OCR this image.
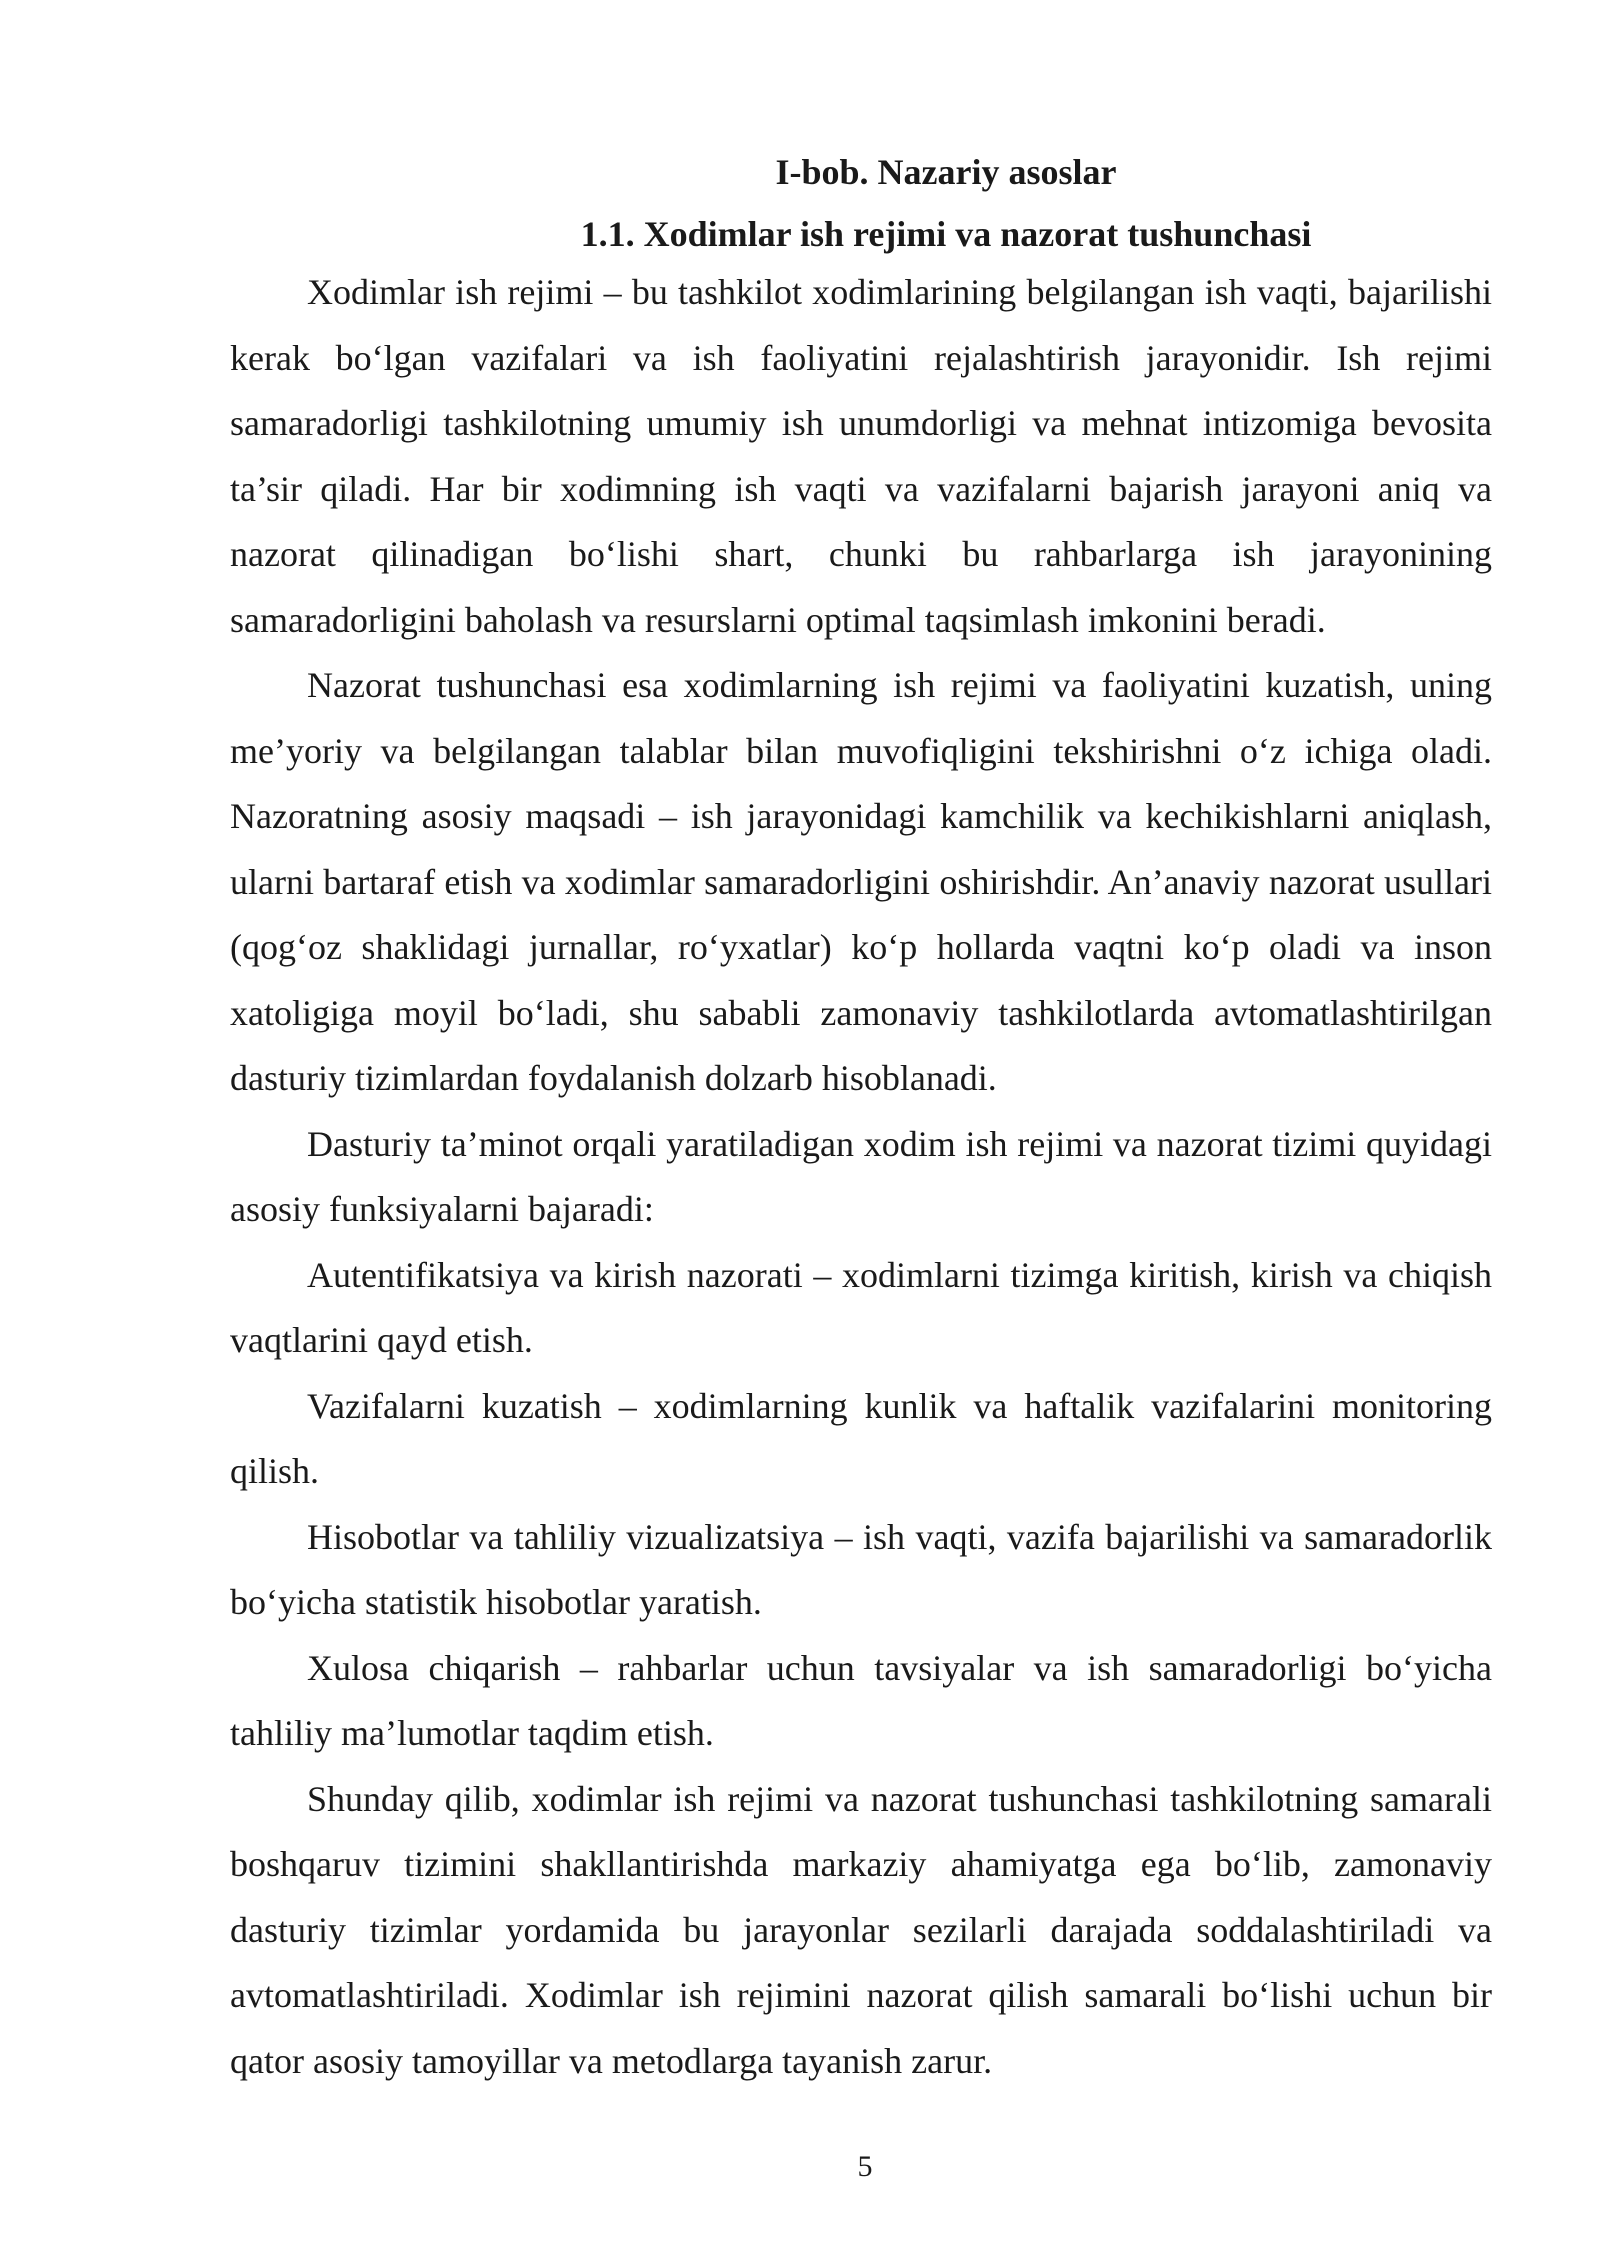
I-bob. Nazariy asoslar
1.1. Xodimlar ish rejimi va nazorat tushunchasi

Xodimlar ish rejimi – bu tashkilot xodimlarining belgilangan ish vaqti, bajarilishi kerak bo‘lgan vazifalari va ish faoliyatini rejalashtirish jarayonidir. Ish rejimi samaradorligi tashkilotning umumiy ish unumdorligi va mehnat intizomiga bevosita ta’sir qiladi. Har bir xodimning ish vaqti va vazifalarni bajarish jarayoni aniq va nazorat qilinadigan bo‘lishi shart, chunki bu rahbarlarga ish jarayonining samaradorligini baholash va resurslarni optimal taqsimlash imkonini beradi.

Nazorat tushunchasi esa xodimlarning ish rejimi va faoliyatini kuzatish, uning me’yoriy va belgilangan talablar bilan muvofiqligini tekshirishni o‘z ichiga oladi. Nazoratning asosiy maqsadi – ish jarayonidagi kamchilik va kechikishlarni aniqlash, ularni bartaraf etish va xodimlar samaradorligini oshirishdir. An’anaviy nazorat usullari (qog‘oz shaklidagi jurnallar, ro‘yxatlar) ko‘p hollarda vaqtni ko‘p oladi va inson xatoligiga moyil bo‘ladi, shu sababli zamonaviy tashkilotlarda avtomatlashtirilgan dasturiy tizimlardan foydalanish dolzarb hisoblanadi.

Dasturiy ta’minot orqali yaratiladigan xodim ish rejimi va nazorat tizimi quyidagi asosiy funksiyalarni bajaradi:

Autentifikatsiya va kirish nazorati – xodimlarni tizimga kiritish, kirish va chiqish vaqtlarini qayd etish.

Vazifalarni kuzatish – xodimlarning kunlik va haftalik vazifalarini monitoring qilish.

Hisobotlar va tahliliy vizualizatsiya – ish vaqti, vazifa bajarilishi va samaradorlik bo‘yicha statistik hisobotlar yaratish.

Xulosa chiqarish – rahbarlar uchun tavsiyalar va ish samaradorligi bo‘yicha tahliliy ma’lumotlar taqdim etish.

Shunday qilib, xodimlar ish rejimi va nazorat tushunchasi tashkilotning samarali boshqaruv tizimini shakllantirishda markaziy ahamiyatga ega bo‘lib, zamonaviy dasturiy tizimlar yordamida bu jarayonlar sezilarli darajada soddalashtiriladi va avtomatlashtiriladi. Xodimlar ish rejimini nazorat qilish samarali bo‘lishi uchun bir qator asosiy tamoyillar va metodlarga tayanish zarur.

5
